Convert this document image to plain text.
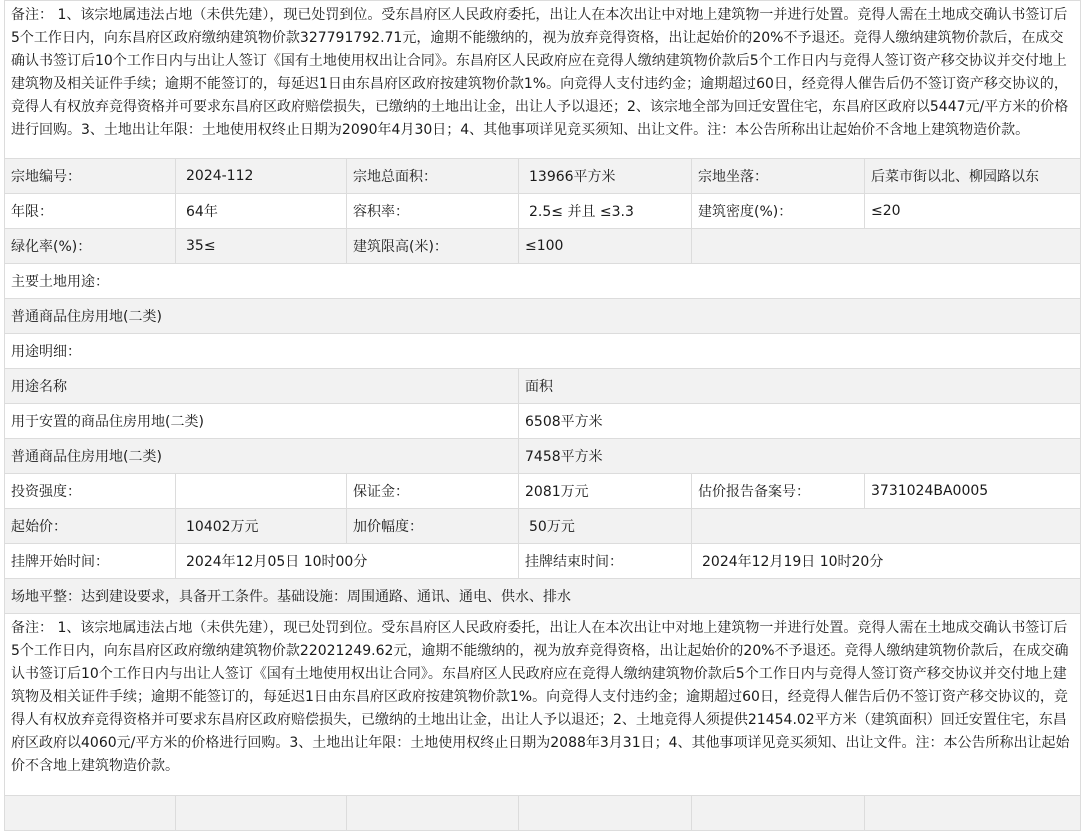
备注： 1、该宗地属违法占地（未供先建），现已处罚到位。受东昌府区人民政府委托，出让人在本次出让中对地上建筑物一并进行处置。竞得人需在土地成交确认书签订后5个工作日内，向东昌府区政府缴纳建筑物价款327791792.71元，逾期不能缴纳的，视为放弃竞得资格，出让起始价的20%不予退还。竞得人缴纳建筑物价款后，在成交确认书签订后10个工作日内与出让人签订《国有土地使用权出让合同》。东昌府区人民政府应在竞得人缴纳建筑物价款后5个工作日内与竞得人签订资产移交协议并交付地上建筑物及相关证件手续；逾期不能签订的，每延迟1日由东昌府区政府按建筑物价款1%。向竞得人支付违约金；逾期超过60日，经竞得人催告后仍不签订资产移交协议的，竞得人有权放弃竞得资格并可要求东昌府区政府赔偿损失，已缴纳的土地出让金，出让人予以退还；2、该宗地全部为回迁安置住宅，东昌府区政府以5447元/平方米的价格进行回购。3、土地出让年限：土地使用权终止日期为2090年4月30日；4、其他事项详见竞买须知、出让文件。注：本公告所称出让起始价不含地上建筑物造价款。					
宗地编号：	2024-112	宗地总面积：	13966平方米	宗地坐落：	后菜市街以北、柳园路以东
年限：	64年	容积率：	2.5≤ 并且 ≤3.3	建筑密度(%)：	≤20
绿化率(%)：	35≤	建筑限高(米)：	≤100		
主要土地用途：					
普通商品住房用地(二类)					
用途明细：					
用途名称			面积		
用于安置的商品住房用地(二类)			6508平方米		
普通商品住房用地(二类)			7458平方米		
投资强度：		保证金：	2081万元	估价报告备案号：	3731024BA0005
起始价：	10402万元	加价幅度：	50万元		
挂牌开始时间：	2024年12月05日 10时00分		挂牌结束时间：	2024年12月19日 10时20分	
场地平整：达到建设要求，具备开工条件。基础设施：周围通路、通讯、通电、供水、排水					
备注： 1、该宗地属违法占地（未供先建），现已处罚到位。受东昌府区人民政府委托，出让人在本次出让中对地上建筑物一并进行处置。竞得人需在土地成交确认书签订后5个工作日内，向东昌府区政府缴纳建筑物价款22021249.62元，逾期不能缴纳的，视为放弃竞得资格，出让起始价的20%不予退还。竞得人缴纳建筑物价款后，在成交确认书签订后10个工作日内与出让人签订《国有土地使用权出让合同》。东昌府区人民政府应在竞得人缴纳建筑物价款后5个工作日内与竞得人签订资产移交协议并交付地上建筑物及相关证件手续；逾期不能签订的，每延迟1日由东昌府区政府按建筑物价款1%。向竞得人支付违约金；逾期超过60日，经竞得人催告后仍不签订资产移交协议的，竞得人有权放弃竞得资格并可要求东昌府区政府赔偿损失，已缴纳的土地出让金，出让人予以退还；2、土地竞得人须提供21454.02平方米（建筑面积）回迁安置住宅，东昌府区政府以4060元/平方米的价格进行回购。3、土地出让年限：土地使用权终止日期为2088年3月31日；4、其他事项详见竞买须知、出让文件。注：本公告所称出让起始价不含地上建筑物造价款。					
